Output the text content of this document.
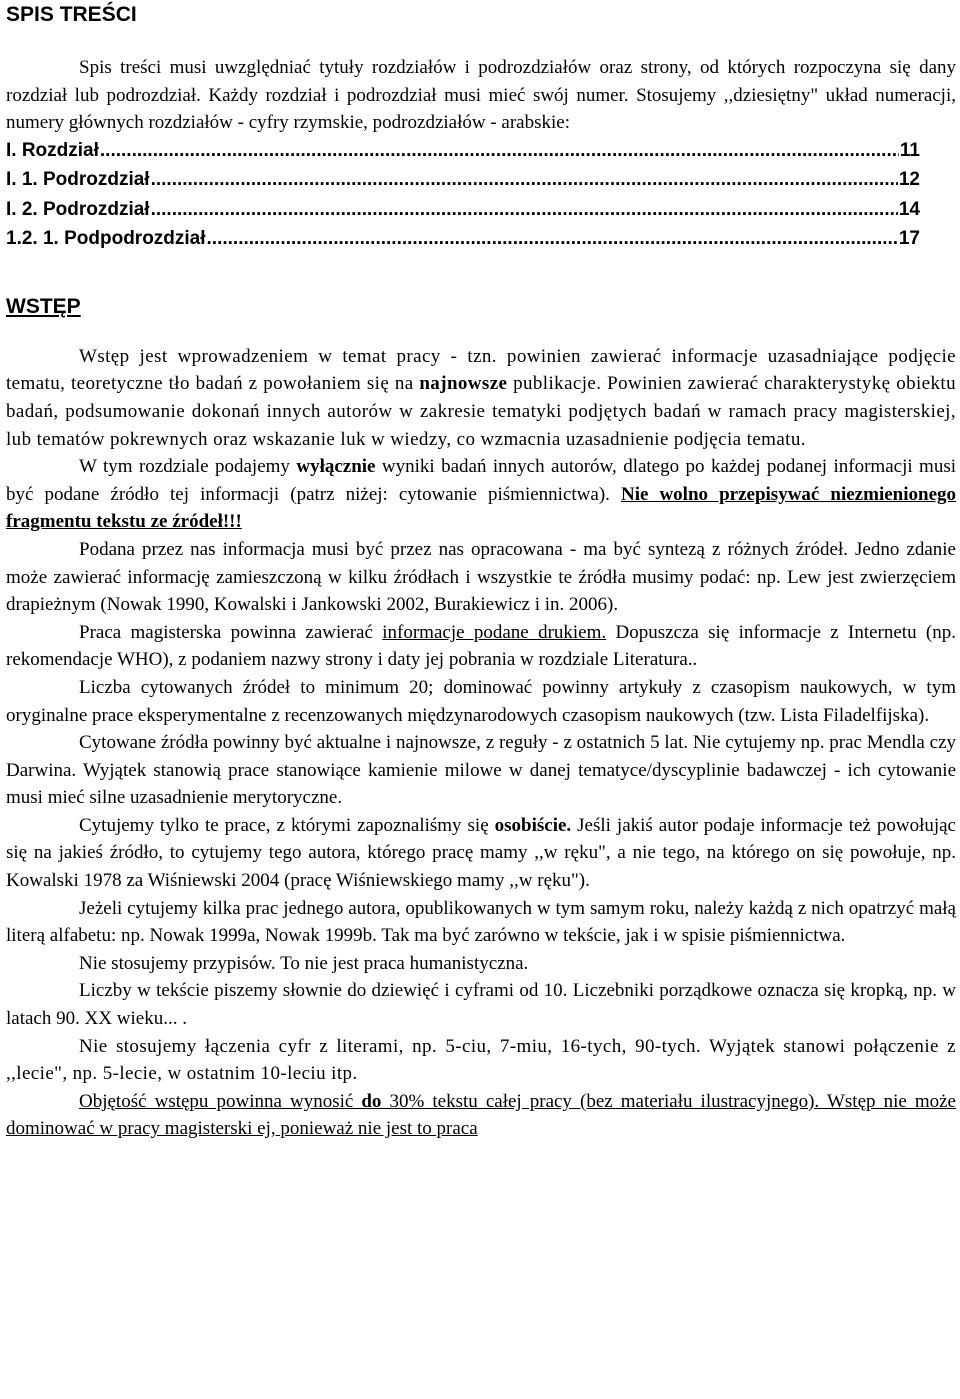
SPIS TREŚCI

Spis treści musi uwzględniać tytuły rozdziałów i podrozdziałów oraz strony, od których rozpoczyna się dany rozdział lub podrozdział. Każdy rozdział i podrozdział musi mieć swój numer. Stosujemy ,,dziesiętny" układ numeracji, numery głównych rozdziałów - cyfry rzymskie, podrozdziałów - arabskie:

I. Rozdział .....	11
I. 1. Podrozdział .....	12
I. 2. Podrozdział .....	14
1.2. 1. Podpodrozdział .....	17
WSTĘP

Wstęp jest wprowadzeniem w temat pracy - tzn. powinien zawierać informacje uzasadniające podjęcie tematu, teoretyczne tło badań z powołaniem się na najnowsze publikacje. Powinien zawierać charakterystykę obiektu badań, podsumowanie dokonań innych autorów w zakresie tematyki podjętych badań w ramach pracy magisterskiej, lub tematów pokrewnych oraz wskazanie luk w wiedzy, co wzmacnia uzasadnienie podjęcia tematu.

W tym rozdziale podajemy wyłącznie wyniki badań innych autorów, dlatego po każdej podanej informacji musi być podane źródło tej informacji (patrz niżej: cytowanie piśmiennictwa). Nie wolno przepisywać niezmienionego fragmentu tekstu ze źródeł!!!

Podana przez nas informacja musi być przez nas opracowana - ma być syntezą z różnych źródeł. Jedno zdanie może zawierać informację zamieszczoną w kilku źródłach i wszystkie te źródła musimy podać: np. Lew jest zwierzęciem drapieżnym (Nowak 1990, Kowalski i Jankowski 2002, Burakiewicz i in. 2006).

Praca magisterska powinna zawierać informacje podane drukiem. Dopuszcza się informacje z Internetu (np. rekomendacje WHO), z podaniem nazwy strony i daty jej pobrania w rozdziale Literatura..

Liczba cytowanych źródeł to minimum 20; dominować powinny artykuły z czasopism naukowych, w tym oryginalne prace eksperymentalne z recenzowanych międzynarodowych czasopism naukowych (tzw. Lista Filadelfijska).

Cytowane źródła powinny być aktualne i najnowsze, z reguły - z ostatnich 5 lat. Nie cytujemy np. prac Mendla czy Darwina. Wyjątek stanowią prace stanowiące kamienie milowe w danej tematyce/dyscyplinie badawczej - ich cytowanie musi mieć silne uzasadnienie merytoryczne.

Cytujemy tylko te prace, z którymi zapoznaliśmy się osobiście. Jeśli jakiś autor podaje informacje też powołując się na jakieś źródło, to cytujemy tego autora, którego pracę mamy ,,w ręku", a nie tego, na którego on się powołuje, np. Kowalski 1978 za Wiśniewski 2004 (pracę Wiśniewskiego mamy ,,w ręku").

Jeżeli cytujemy kilka prac jednego autora, opublikowanych w tym samym roku, należy każdą z nich opatrzyć małą literą alfabetu: np. Nowak 1999a, Nowak 1999b. Tak ma być zarówno w tekście, jak i w spisie piśmiennictwa.

Nie stosujemy przypisów. To nie jest praca humanistyczna.

Liczby w tekście piszemy słownie do dziewięć i cyframi od 10. Liczebniki porządkowe oznacza się kropką, np. w latach 90. XX wieku... .

Nie stosujemy łączenia cyfr z literami, np. 5-ciu, 7-miu, 16-tych, 90-tych. Wyjątek stanowi połączenie z ,,lecie", np. 5-lecie, w ostatnim 10-leciu itp.

Objętość wstępu powinna wynosić do 30% tekstu całej pracy (bez materiału ilustracyjnego). Wstęp nie może dominować w pracy magisterski ej, ponieważ nie jest to praca
